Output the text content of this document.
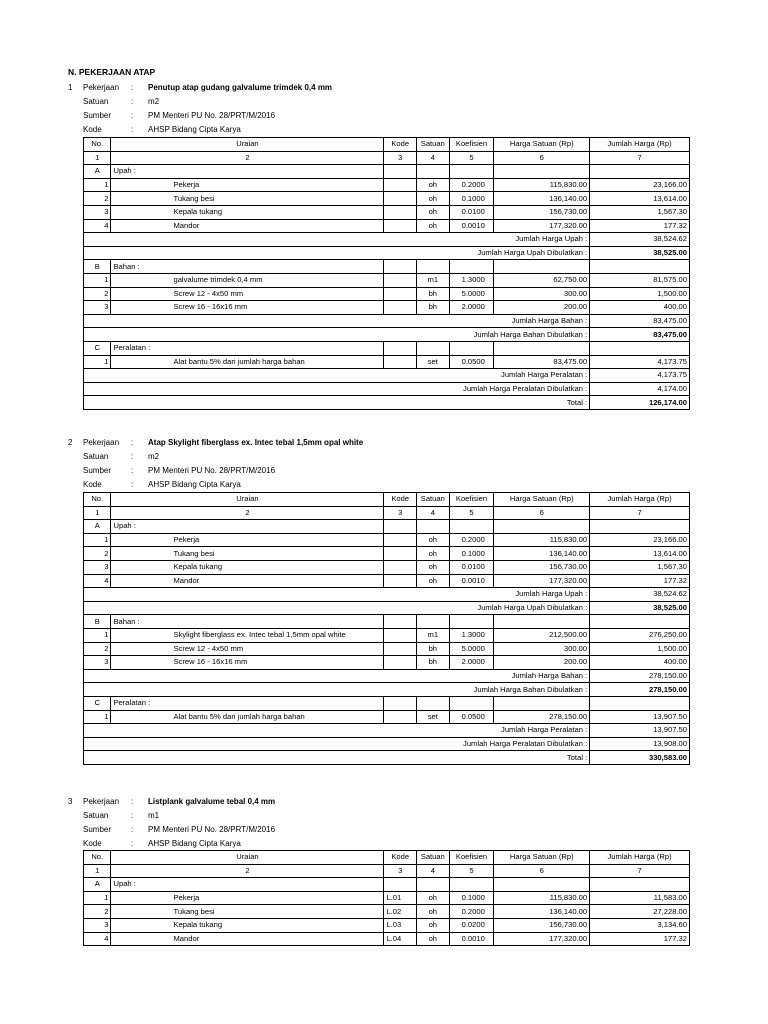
N. PEKERJAAN ATAP
1 Pekerjaan : Penutup atap gudang galvalume trimdek 0,4 mm
Satuan	: m2
Sumber : PM Menteri PU No. 28/PRT/M/2016
Kode	: AHSP Bidang Cipta Karya
No.	Uraian	Kode	Satuan	Koefisien	Harga Satuan (Rp)	Jumlah Harga (Rp)
1	2	3	4	5	6	7
A	Upah :					
1	Pekerja		oh	0.2000	115,830.00	23,166.00
2	Tukang besi		oh	0.1000	136,140.00	13,614.00
3	Kepala tukang		oh	0.0100	156,730.00	1,567.30
4	Mandor		oh	0.0010	177,320.00	177.32
Jumlah Harga Upah :						38,524.62
Jumlah Harga Upah Dibulatkan :						38,525.00
B	Bahan :					
1	galvalume trimdek 0,4 mm		m1	1.3000	62,750.00	81,575.00
2	Screw 12 - 4x50 mm		bh	5.0000	300.00	1,500.00
3	Screw 16 - 16x16 mm		bh	2.0000	200.00	400.00
Jumlah Harga Bahan :						83,475.00
Jumlah Harga Bahan Dibulatkan :						83,475.00
C	Peralatan :					
1	Alat bantu 5% dari jumlah harga bahan		set	0.0500	83,475.00	4,173.75
Jumlah Harga Peralatan :						4,173.75
Jumlah Harga Peralatan Dibulatkan :						4,174.00
Total :						126,174.00
2 Pekerjaan : Atap Skylight fiberglass ex. Intec tebal 1,5mm opal white
Satuan	: m2
Sumber : PM Menteri PU No. 28/PRT/M/2016
Kode	: AHSP Bidang Cipta Karya
No.	Uraian	Kode	Satuan	Koefisien	Harga Satuan (Rp)	Jumlah Harga (Rp)
1	2	3	4	5	6	7
A	Upah :					
1	Pekerja		oh	0.2000	115,830.00	23,166.00
2	Tukang besi		oh	0.1000	136,140.00	13,614.00
3	Kepala tukang		oh	0.0100	156,730.00	1,567.30
4	Mandor		oh	0.0010	177,320.00	177.32
Jumlah Harga Upah :						38,524.62
Jumlah Harga Upah Dibulatkan :						38,525.00
B	Bahan :					
1	Skylight fiberglass ex. Intec tebal 1,5mm opal white		m1	1.3000	212,500.00	276,250.00
2	Screw 12 - 4x50 mm		bh	5.0000	300.00	1,500.00
3	Screw 16 - 16x16 mm		bh	2.0000	200.00	400.00
Jumlah Harga Bahan :						278,150.00
Jumlah Harga Bahan Dibulatkan :						278,150.00
C	Peralatan :					
1	Alat bantu 5% dari jumlah harga bahan		set	0.0500	278,150.00	13,907.50
Jumlah Harga Peralatan :						13,907.50
Jumlah Harga Peralatan Dibulatkan :						13,908.00
Total :						330,583.00
3 Pekerjaan : Listplank galvalume tebal 0,4 mm
Satuan	: m1
Sumber : PM Menteri PU No. 28/PRT/M/2016
Kode	: AHSP Bidang Cipta Karya
No.	Uraian	Kode	Satuan	Koefisien	Harga Satuan (Rp)	Jumlah Harga (Rp)
1	2	3	4	5	6	7
A	Upah :					
1	Pekerja	L.01	oh	0.1000	115,830.00	11,583.00
2	Tukang besi	L.02	oh	0.2000	136,140.00	27,228.00
3	Kepala tukang	L.03	oh	0.0200	156,730.00	3,134.60
4	Mandor	L.04	oh	0.0010	177,320.00	177.32
